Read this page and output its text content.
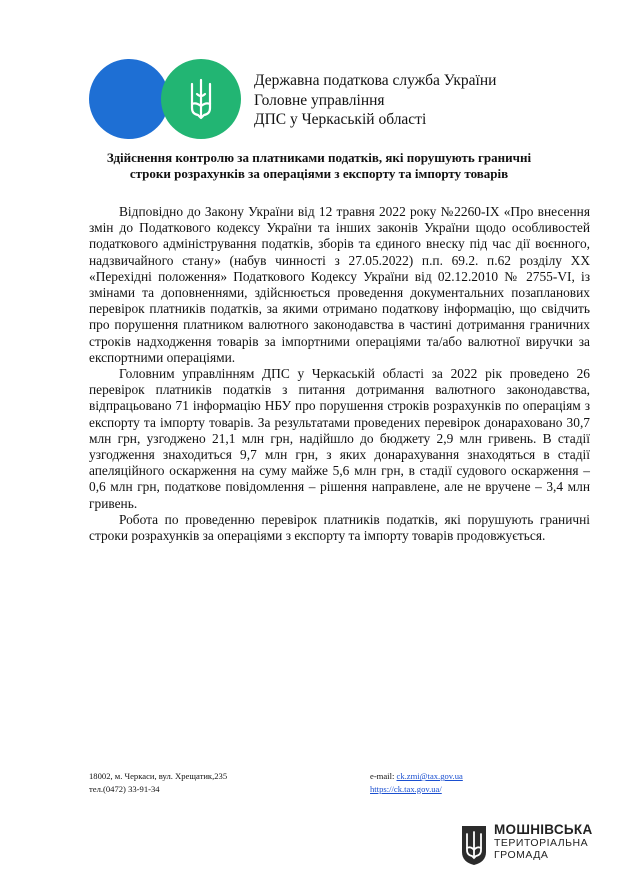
Державна податкова служба України
Головне управління
ДПС у Черкаській області
Здійснення контролю за платниками податків, які порушують граничні
строки розрахунків за операціями з експорту та імпорту товарів

Відповідно до Закону України від 12 травня 2022 року №2260-IX «Про внесення змін до Податкового кодексу України та інших законів України щодо особливостей податкового адміністрування податків, зборів та єдиного внеску під час дії воєнного, надзвичайного стану» (набув чинності з 27.05.2022) п.п. 69.2. п.62 розділу XX «Перехідні положення» Податкового Кодексу України від 02.12.2010 № 2755-VI, із змінами та доповненнями, здійснюється проведення документальних позапланових перевірок платників податків, за якими отримано податкову інформацію, що свідчить про порушення платником валютного законодавства в частині дотримання граничних строків надходження товарів за імпортними операціями та/або валютної виручки за експортними операціями.

Головним управлінням ДПС у Черкаській області за 2022 рік проведено 26 перевірок платників податків з питання дотримання валютного законодавства, відпрацьовано 71 інформацію НБУ про порушення строків розрахунків по операціям з експорту та імпорту товарів. За результатами проведених перевірок донараховано 30,7 млн грн, узгоджено 21,1 млн грн, надійшло до бюджету 2,9 млн гривень. В стадії узгодження знаходиться 9,7 млн грн, з яких донарахування знаходяться в стадії апеляційного оскарження на суму майже 5,6 млн грн, в стадії судового оскарження – 0,6 млн грн, податкове повідомлення – рішення направлене, але не вручене – 3,4 млн гривень.

Робота по проведенню перевірок платників податків, які порушують граничні строки розрахунків за операціями з експорту та імпорту товарів продовжується.

18002, м. Черкаси, вул. Хрещатик,235
тел.(0472) 33-91-34
e-mail: ck.zmi@tax.gov.ua
https://ck.tax.gov.ua/
МОШНІВСЬКА
ТЕРИТОРІАЛЬНА
ГРОМАДА
